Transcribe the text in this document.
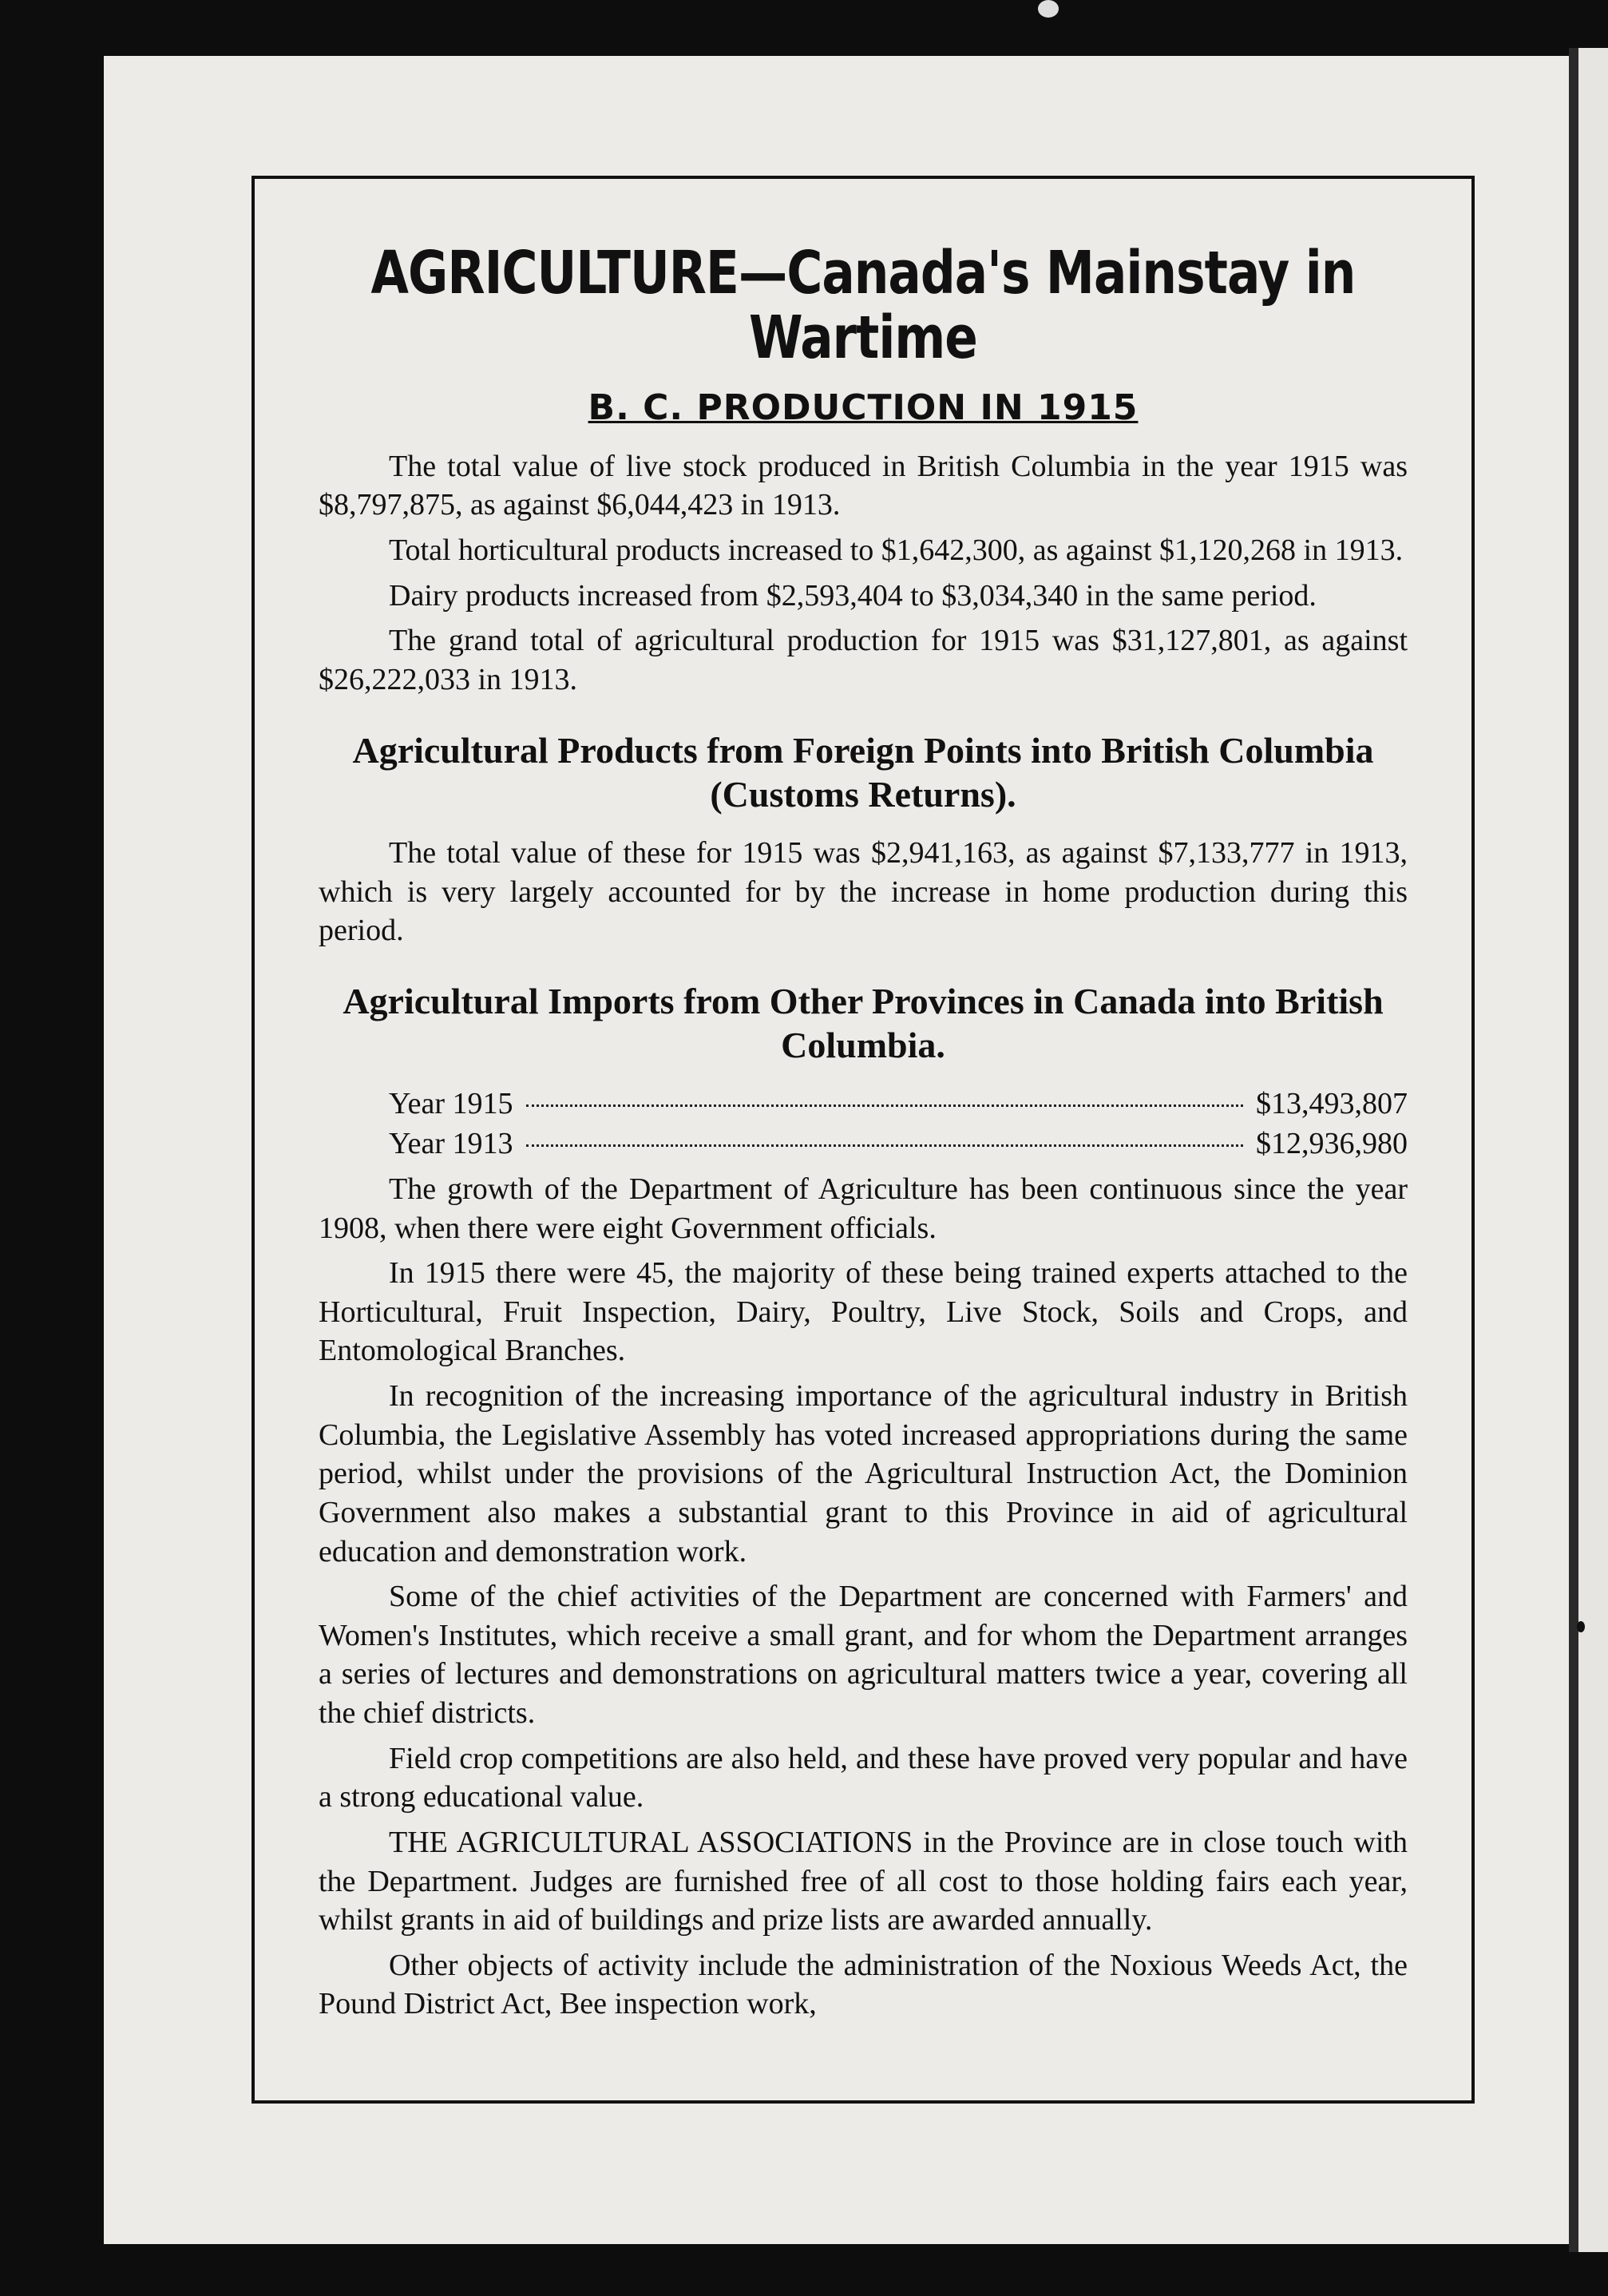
AGRICULTURE—Canada's Mainstay in Wartime
B. C. PRODUCTION IN 1915

The total value of live stock produced in British Columbia in the year 1915 was $8,797,875, as against $6,044,423 in 1913.

Total horticultural products increased to $1,642,300, as against $1,120,268 in 1913.

Dairy products increased from $2,593,404 to $3,034,340 in the same period.

The grand total of agricultural production for 1915 was $31,127,801, as against $26,222,033 in 1913.

Agricultural Products from Foreign Points into British Columbia (Customs Returns).

The total value of these for 1915 was $2,941,163, as against $7,133,777 in 1913, which is very largely accounted for by the increase in home production during this period.

Agricultural Imports from Other Provinces in Canada into British Columbia.
Year 1915	$13,493,807
Year 1913	$12,936,980

The growth of the Department of Agriculture has been continuous since the year 1908, when there were eight Government officials.

In 1915 there were 45, the majority of these being trained experts attached to the Horticultural, Fruit Inspection, Dairy, Poultry, Live Stock, Soils and Crops, and Entomological Branches.

In recognition of the increasing importance of the agricultural industry in British Columbia, the Legislative Assembly has voted increased appropriations during the same period, whilst under the provisions of the Agricultural Instruction Act, the Dominion Government also makes a substantial grant to this Province in aid of agricultural education and demonstration work.

Some of the chief activities of the Department are concerned with Farmers' and Women's Institutes, which receive a small grant, and for whom the Department arranges a series of lectures and demonstrations on agricultural matters twice a year, covering all the chief districts.

Field crop competitions are also held, and these have proved very popular and have a strong educational value.

THE AGRICULTURAL ASSOCIATIONS in the Province are in close touch with the Department. Judges are furnished free of all cost to those holding fairs each year, whilst grants in aid of buildings and prize lists are awarded annually.

Other objects of activity include the administration of the Noxious Weeds Act, the Pound District Act, Bee inspection work,
